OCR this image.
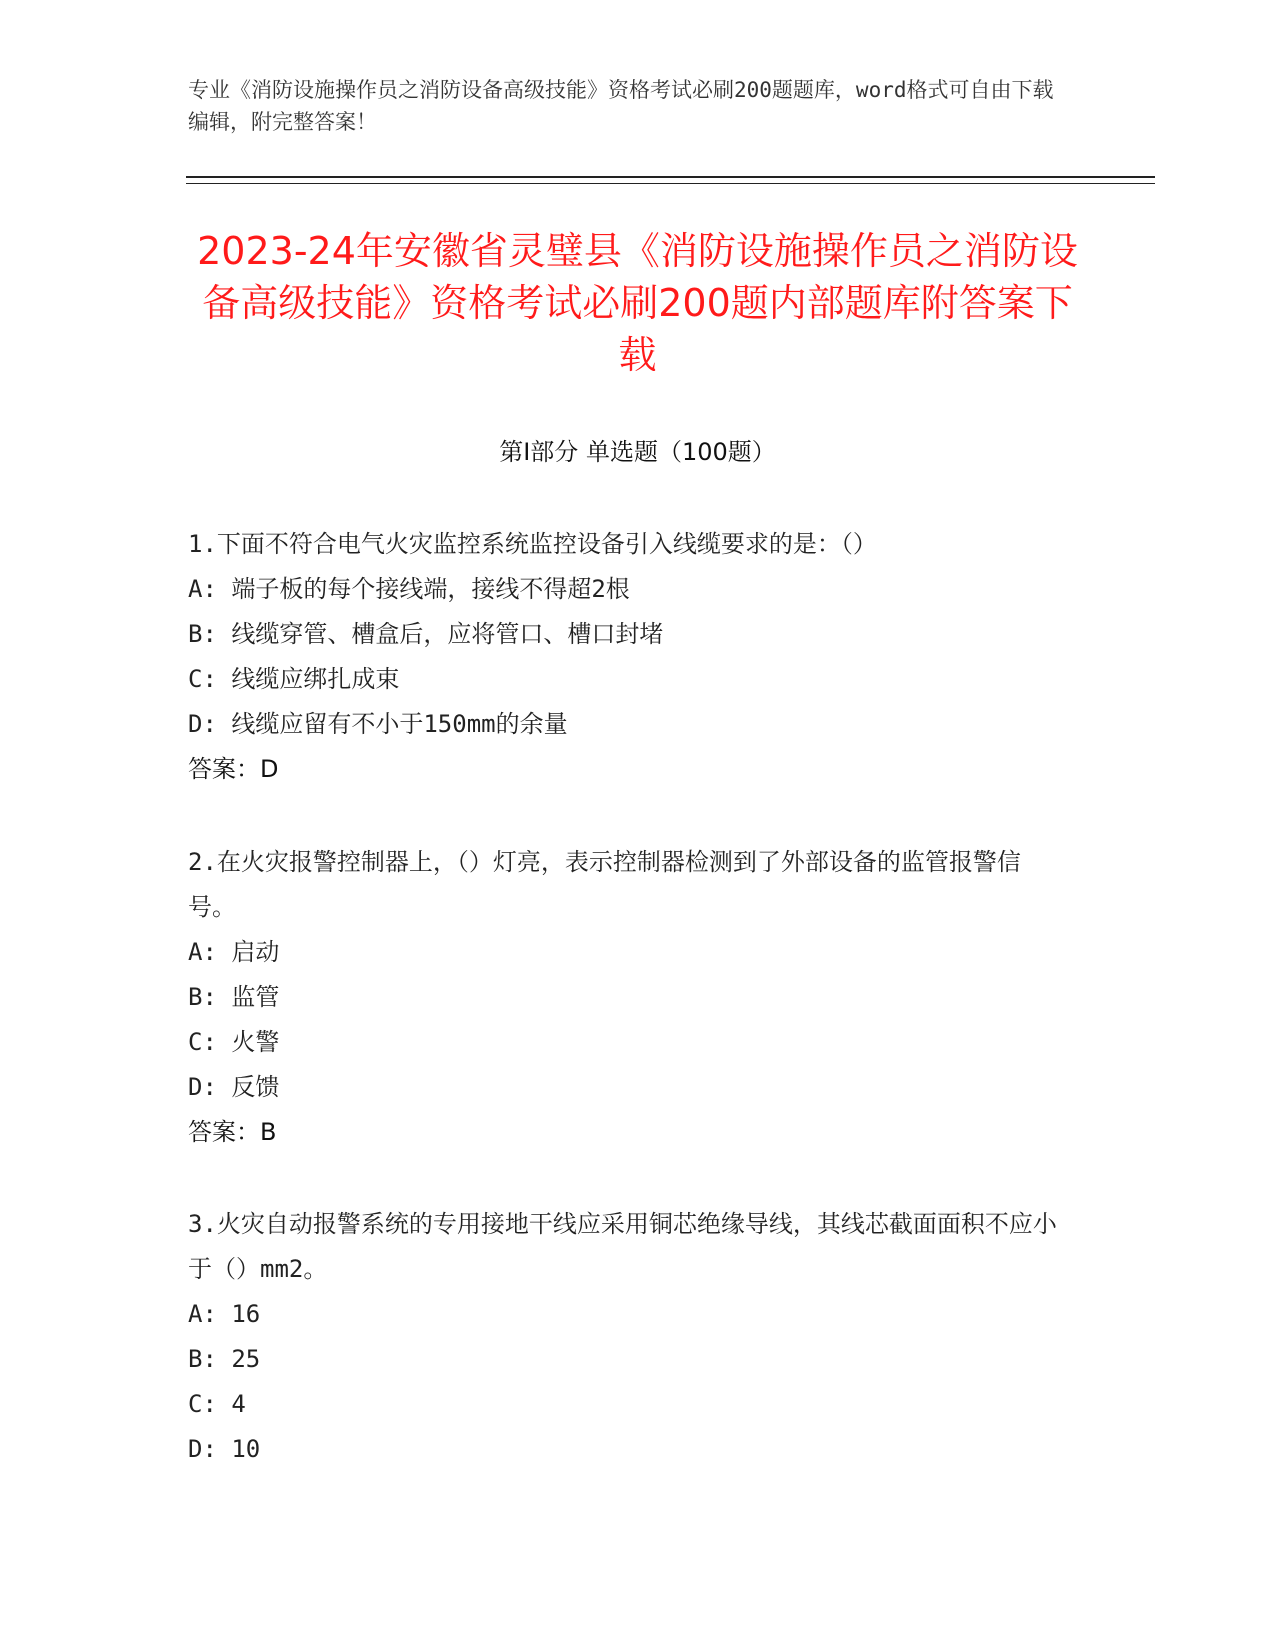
专业《消防设施操作员之消防设备高级技能》资格考试必刷200题题库，word格式可自由下载编辑，附完整答案！
2023-24年安徽省灵璧县《消防设施操作员之消防设备高级技能》资格考试必刷200题内部题库附答案下载
第Ⅰ部分 单选题（100题）
1.下面不符合电气火灾监控系统监控设备引入线缆要求的是：（）
A: 端子板的每个接线端，接线不得超2根
B: 线缆穿管、槽盒后，应将管口、槽口封堵
C: 线缆应绑扎成束
D: 线缆应留有不小于150mm的余量
答案：D
2.在火灾报警控制器上，（）灯亮，表示控制器检测到了外部设备的监管报警信号。
A: 启动
B: 监管
C: 火警
D: 反馈
答案：B
3.火灾自动报警系统的专用接地干线应采用铜芯绝缘导线，其线芯截面面积不应小于（）mm2。
A: 16
B: 25
C: 4
D: 10
